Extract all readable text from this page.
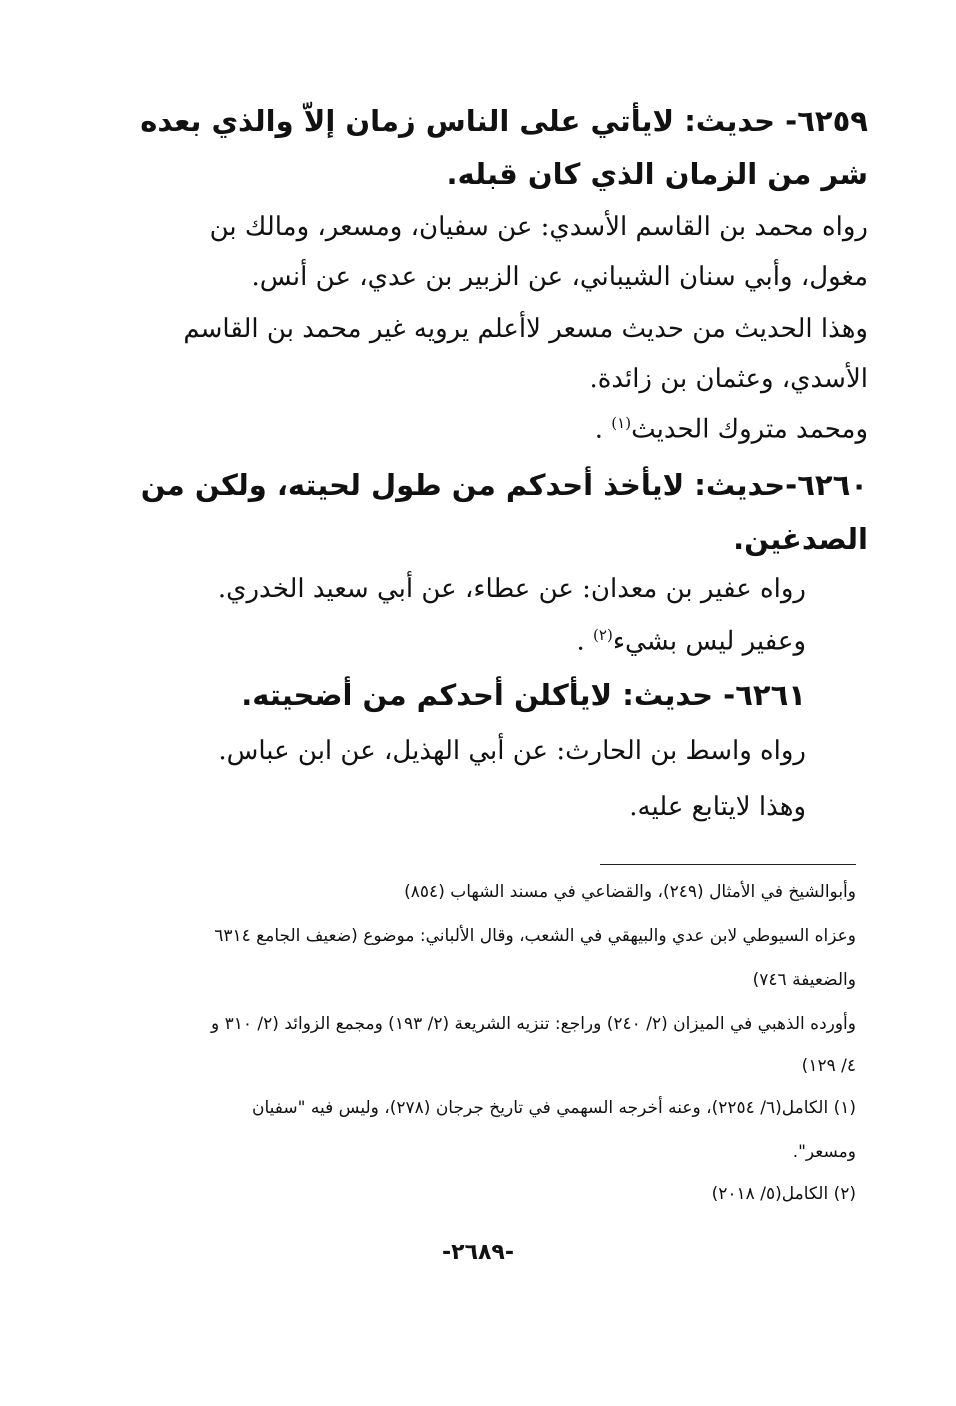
٦٢٥٩- حديث: لايأتي على الناس زمان إلاّ والذي بعده
شر من الزمان الذي كان قبله.
رواه محمد بن القاسم الأسدي: عن سفيان، ومسعر، ومالك بن
مغول، وأبي سنان الشيباني، عن الزبير بن عدي، عن أنس.
وهذا الحديث من حديث مسعر لاأعلم يرويه غير محمد بن القاسم
الأسدي، وعثمان بن زائدة.
ومحمد متروك الحديث$^{(١)}$ .
٦٢٦٠-حديث: لايأخذ أحدكم من طول لحيته، ولكن من
الصدغين.
رواه عفير بن معدان: عن عطاء، عن أبي سعيد الخدري.
وعفير ليس بشيء$^{(٢)}$ .
٦٢٦١- حديث: لايأكلن أحدكم من أضحيته.
رواه واسط بن الحارث: عن أبي الهذيل، عن ابن عباس.
وهذا لايتابع عليه.
وأبوالشيخ في الأمثال (٢٤٩)، والقضاعي في مسند الشهاب (٨٥٤)
وعزاه السيوطي لابن عدي والبيهقي في الشعب، وقال الألباني: موضوع (ضعيف الجامع ٦٣١٤
والضعيفة ٧٤٦)
وأورده الذهبي في الميزان (٢/ ٢٤٠) وراجع: تنزيه الشريعة (٢/ ١٩٣) ومجمع الزوائد (٢/ ٣١٠ و
٤/ ١٢٩)
(١) الكامل(٦/ ٢٢٥٤)، وعنه أخرجه السهمي في تاريخ جرجان (٢٧٨)، وليس فيه "سفيان
ومسعر".
(٢) الكامل(٥/ ٢٠١٨)
-٢٦٨٩-
